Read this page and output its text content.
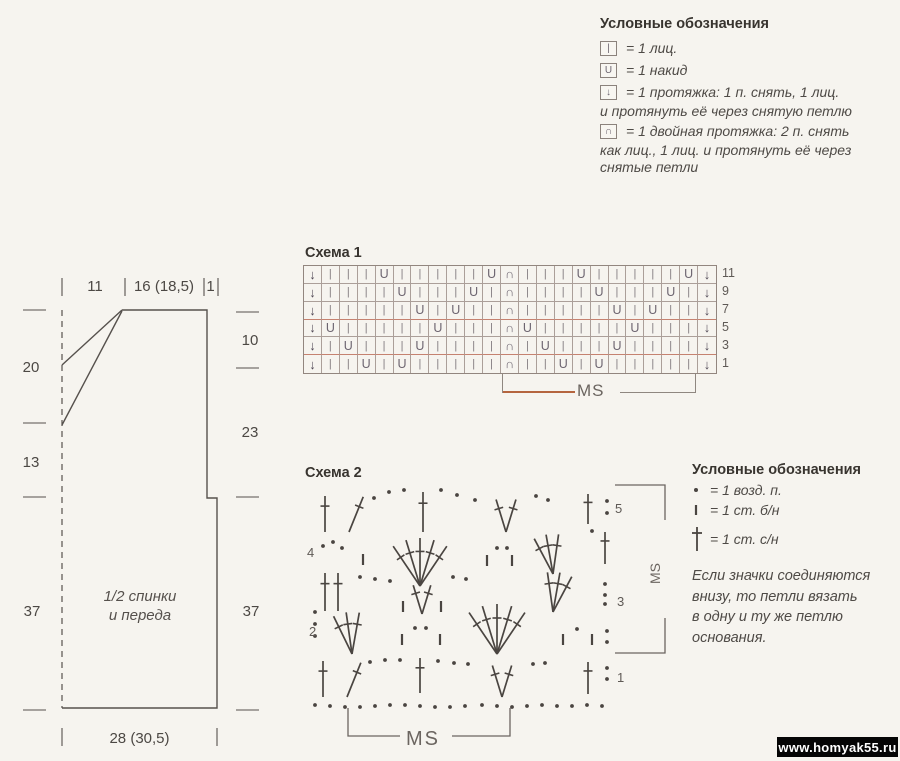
Условные обозначения
|	= 1 лиц.
U = 1 накид
↓	= 1 протяжка: 1 п. снять, 1 лиц.
и протянуть её через снятую петлю
∩ = 1 двойная протяжка: 2 п. снять
как лиц., 1 лиц. и протянуть её через
снятые петли
Схема 1
↓	|	|	| U	|	|	|	|	| U ∩	|	|	| U	|	|	|	|	| U ↓
↓	|	|	|	| U	|	|	| U	| ∩	|	|	|	| U	|	|	| U	|	↓
↓	|	|	|	|	| U	| U	|	| ∩	|	|	|	|	| U	| U	|	|	↓
↓ U	|	|	|	|	| U	|	|	| ∩ U	|	|	|	|	| U	|	|	|	↓
↓	| U	|	|	| U	|	|	|	| ∩	| U	|	|	| U	|	|	|	|	↓
↓	|	| U	| U	|	|	|	|	| ∩	|	| U	| U	|	|	|	|	|	↓
11
9
7
5
3
1
MS
11	16 (18,5) 1
20
13
37
10
23
37
28 (30,5)
1/2 спинки
и переда
Схема 2
5
4
3
2
1
MS
MS
Условные обозначения
= 1 возд. п.
= 1 ст. б/н
= 1 ст. с/н
Если значки соединяются
внизу, то петли вязать
в одну и ту же петлю
основания.
www.homyak55.ru
